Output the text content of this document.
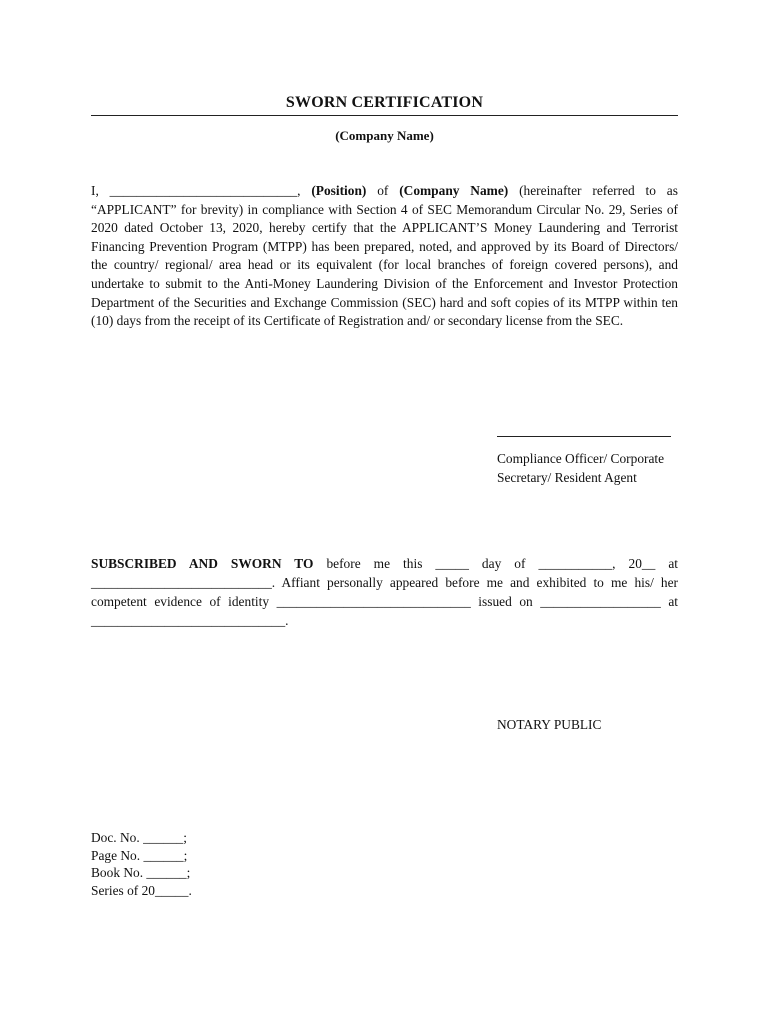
SWORN CERTIFICATION
(Company Name)
I, ____________________________, (Position) of (Company Name) (hereinafter referred to as “APPLICANT” for brevity) in compliance with Section 4 of SEC Memorandum Circular No. 29, Series of 2020 dated October 13, 2020, hereby certify that the APPLICANT’S Money Laundering and Terrorist Financing Prevention Program (MTPP) has been prepared, noted, and approved by its Board of Directors/ the country/ regional/ area head or its equivalent (for local branches of foreign covered persons), and undertake to submit to the Anti-Money Laundering Division of the Enforcement and Investor Protection Department of the Securities and Exchange Commission (SEC) hard and soft copies of its MTPP within ten (10) days from the receipt of its Certificate of Registration and/ or secondary license from the SEC.
Compliance Officer/ Corporate
Secretary/ Resident Agent
SUBSCRIBED AND SWORN TO before me this _____ day of ___________, 20__ at ___________________________. Affiant personally appeared before me and exhibited to me his/ her competent evidence of identity _____________________________ issued on __________________ at _____________________________.
NOTARY PUBLIC
Doc. No. ______;
Page No. ______;
Book No. ______;
Series of 20_____.
